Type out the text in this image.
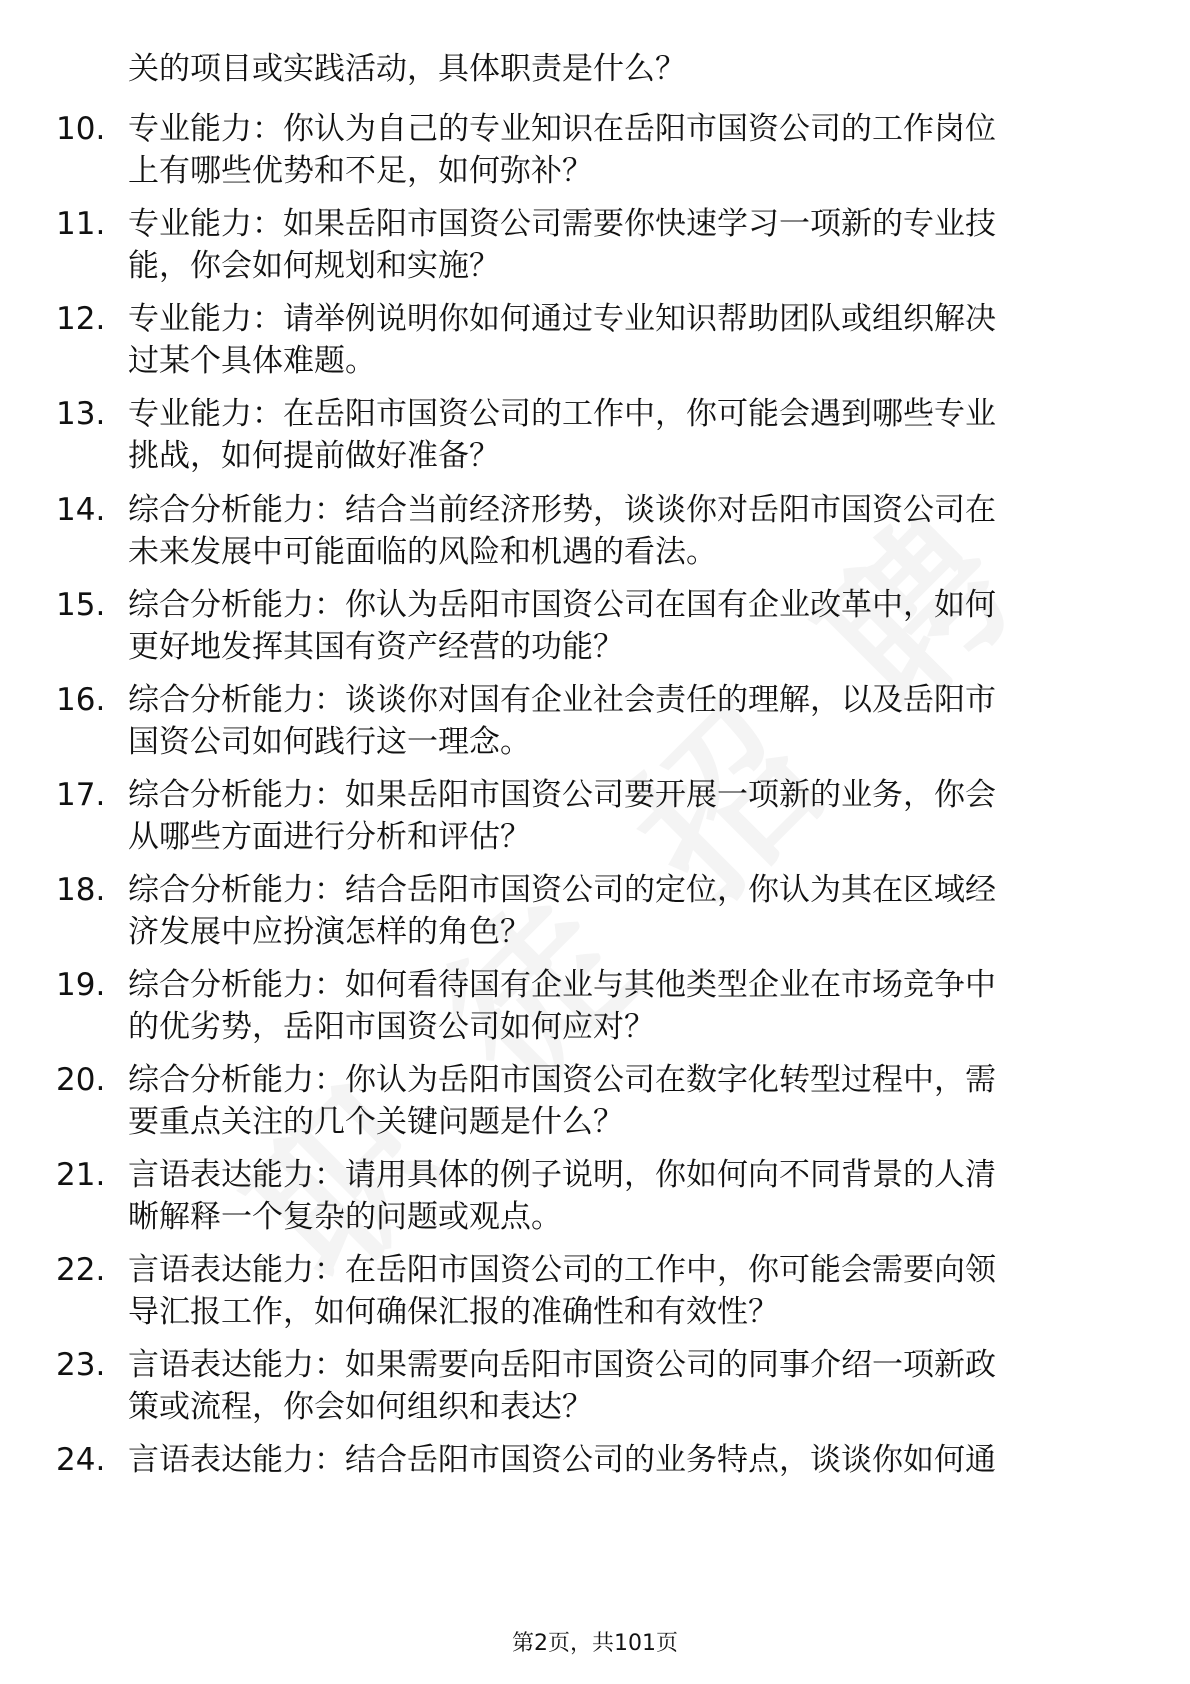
关的项目或实践活动，具体职责是什么？
10. 专业能力：你认为自己的专业知识在岳阳市国资公司的工作岗位
上有哪些优势和不足，如何弥补？
11. 专业能力：如果岳阳市国资公司需要你快速学习一项新的专业技
能，你会如何规划和实施？
12. 专业能力：请举例说明你如何通过专业知识帮助团队或组织解决
过某个具体难题。
13. 专业能力：在岳阳市国资公司的工作中，你可能会遇到哪些专业
挑战，如何提前做好准备？
14. 综合分析能力：结合当前经济形势，谈谈你对岳阳市国资公司在
未来发展中可能面临的风险和机遇的看法。
15. 综合分析能力：你认为岳阳市国资公司在国有企业改革中，如何
更好地发挥其国有资产经营的功能？
16. 综合分析能力：谈谈你对国有企业社会责任的理解，以及岳阳市
国资公司如何践行这一理念。
17. 综合分析能力：如果岳阳市国资公司要开展一项新的业务，你会
从哪些方面进行分析和评估？
18. 综合分析能力：结合岳阳市国资公司的定位，你认为其在区域经
济发展中应扮演怎样的角色？
19. 综合分析能力：如何看待国有企业与其他类型企业在市场竞争中
的优劣势，岳阳市国资公司如何应对？
20. 综合分析能力：你认为岳阳市国资公司在数字化转型过程中，需
要重点关注的几个关键问题是什么？
21. 言语表达能力：请用具体的例子说明，你如何向不同背景的人清
晰解释一个复杂的问题或观点。
22. 言语表达能力：在岳阳市国资公司的工作中，你可能会需要向领
导汇报工作，如何确保汇报的准确性和有效性？
23. 言语表达能力：如果需要向岳阳市国资公司的同事介绍一项新政
策或流程，你会如何组织和表达？
24. 言语表达能力：结合岳阳市国资公司的业务特点，谈谈你如何通
第2页，共101页
